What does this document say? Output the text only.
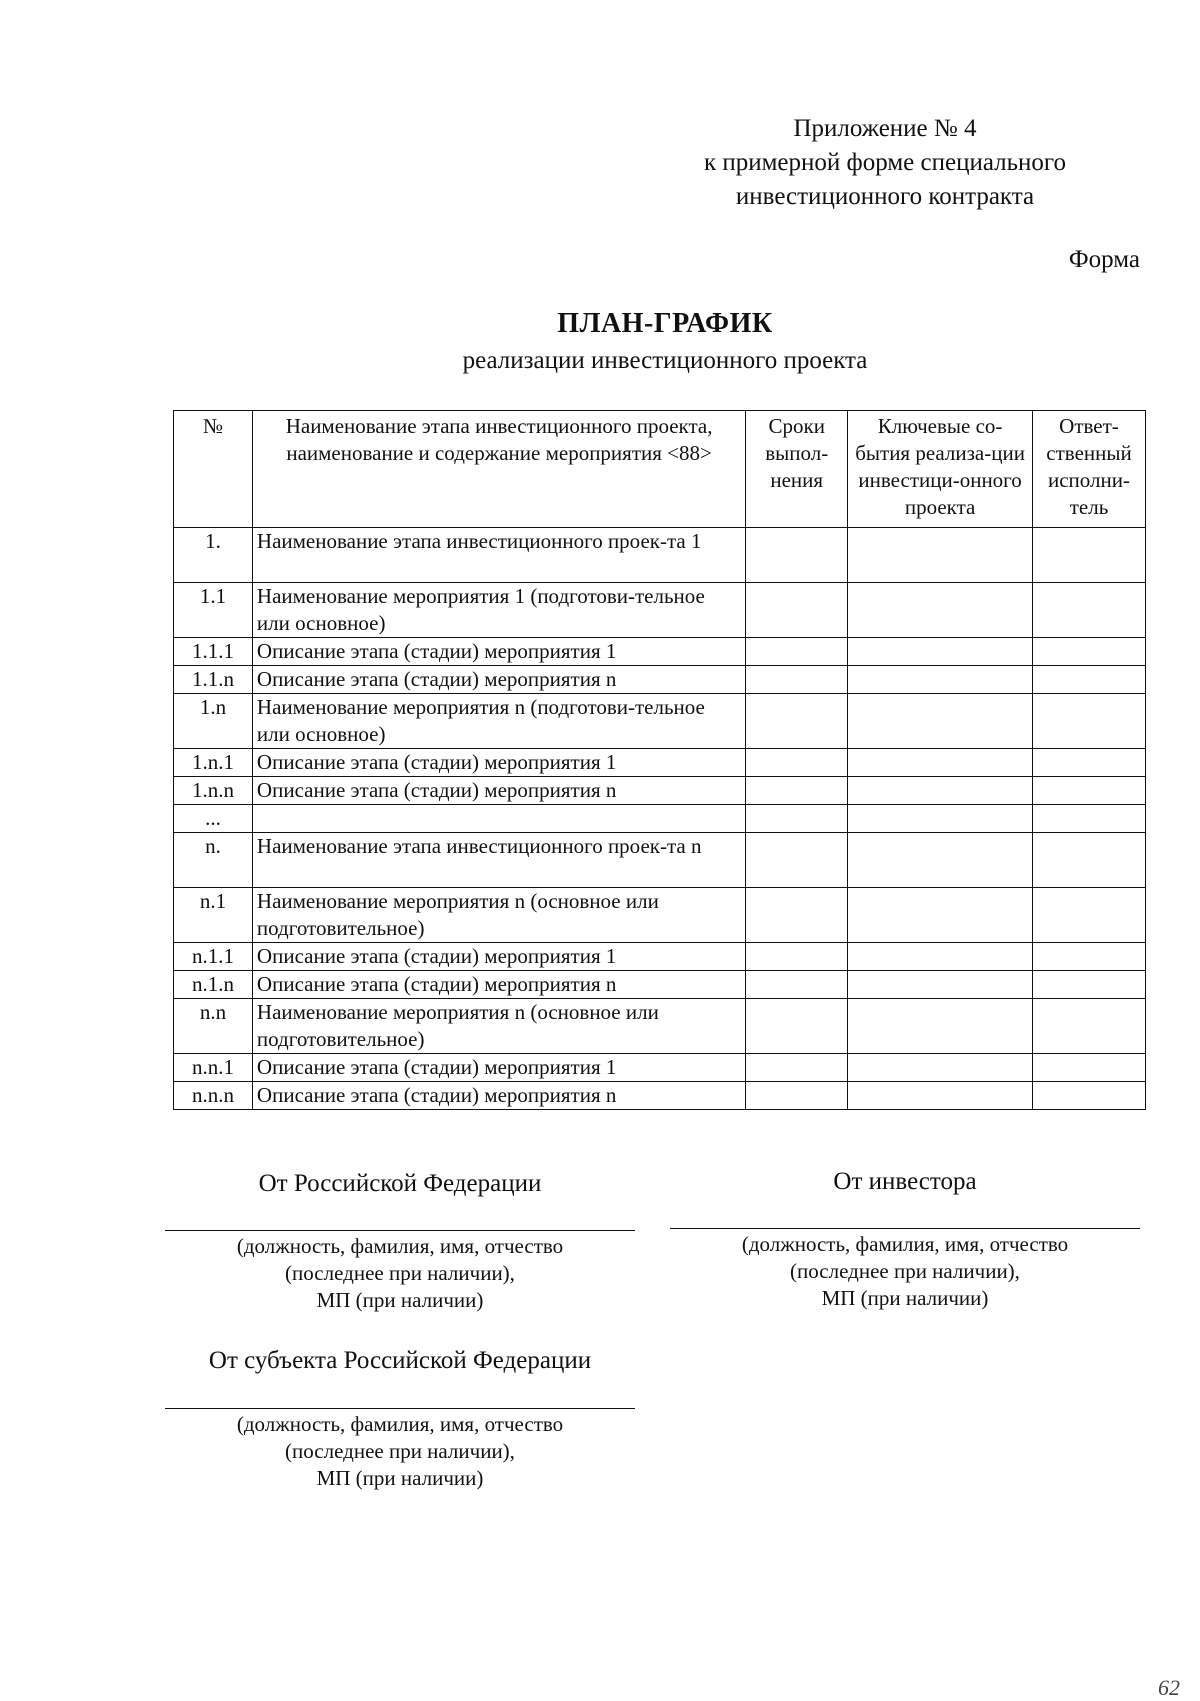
Приложение № 4
к примерной форме специального
инвестиционного контракта
Форма
ПЛАН-ГРАФИК
реализации инвестиционного проекта
№	Наименование этапа инвестиционного проекта, наименование и содержание мероприятия <88>	Сроки выпол-нения	Ключевые со-бытия реализа-ции инвестици-онного проекта	Ответ-ственный исполни-тель
1.	Наименование этапа инвестиционного проек-та 1			
1.1	Наименование мероприятия 1 (подготови-тельное или основное)			
1.1.1	Описание этапа (стадии) мероприятия 1			
1.1.n	Описание этапа (стадии) мероприятия n			
1.n	Наименование мероприятия n (подготови-тельное или основное)			
1.n.1	Описание этапа (стадии) мероприятия 1			
1.n.n	Описание этапа (стадии) мероприятия n			
...				
n.	Наименование этапа инвестиционного проек-та n			
n.1	Наименование мероприятия n (основное или подготовительное)			
n.1.1	Описание этапа (стадии) мероприятия 1			
n.1.n	Описание этапа (стадии) мероприятия n			
n.n	Наименование мероприятия n (основное или подготовительное)			
n.n.1	Описание этапа (стадии) мероприятия 1			
n.n.n	Описание этапа (стадии) мероприятия n			
От Российской Федерации
(должность, фамилия, имя, отчество
(последнее при наличии),
МП (при наличии)
От инвестора
(должность, фамилия, имя, отчество
(последнее при наличии),
МП (при наличии)
От субъекта Российской Федерации
(должность, фамилия, имя, отчество
(последнее при наличии),
МП (при наличии)
62
